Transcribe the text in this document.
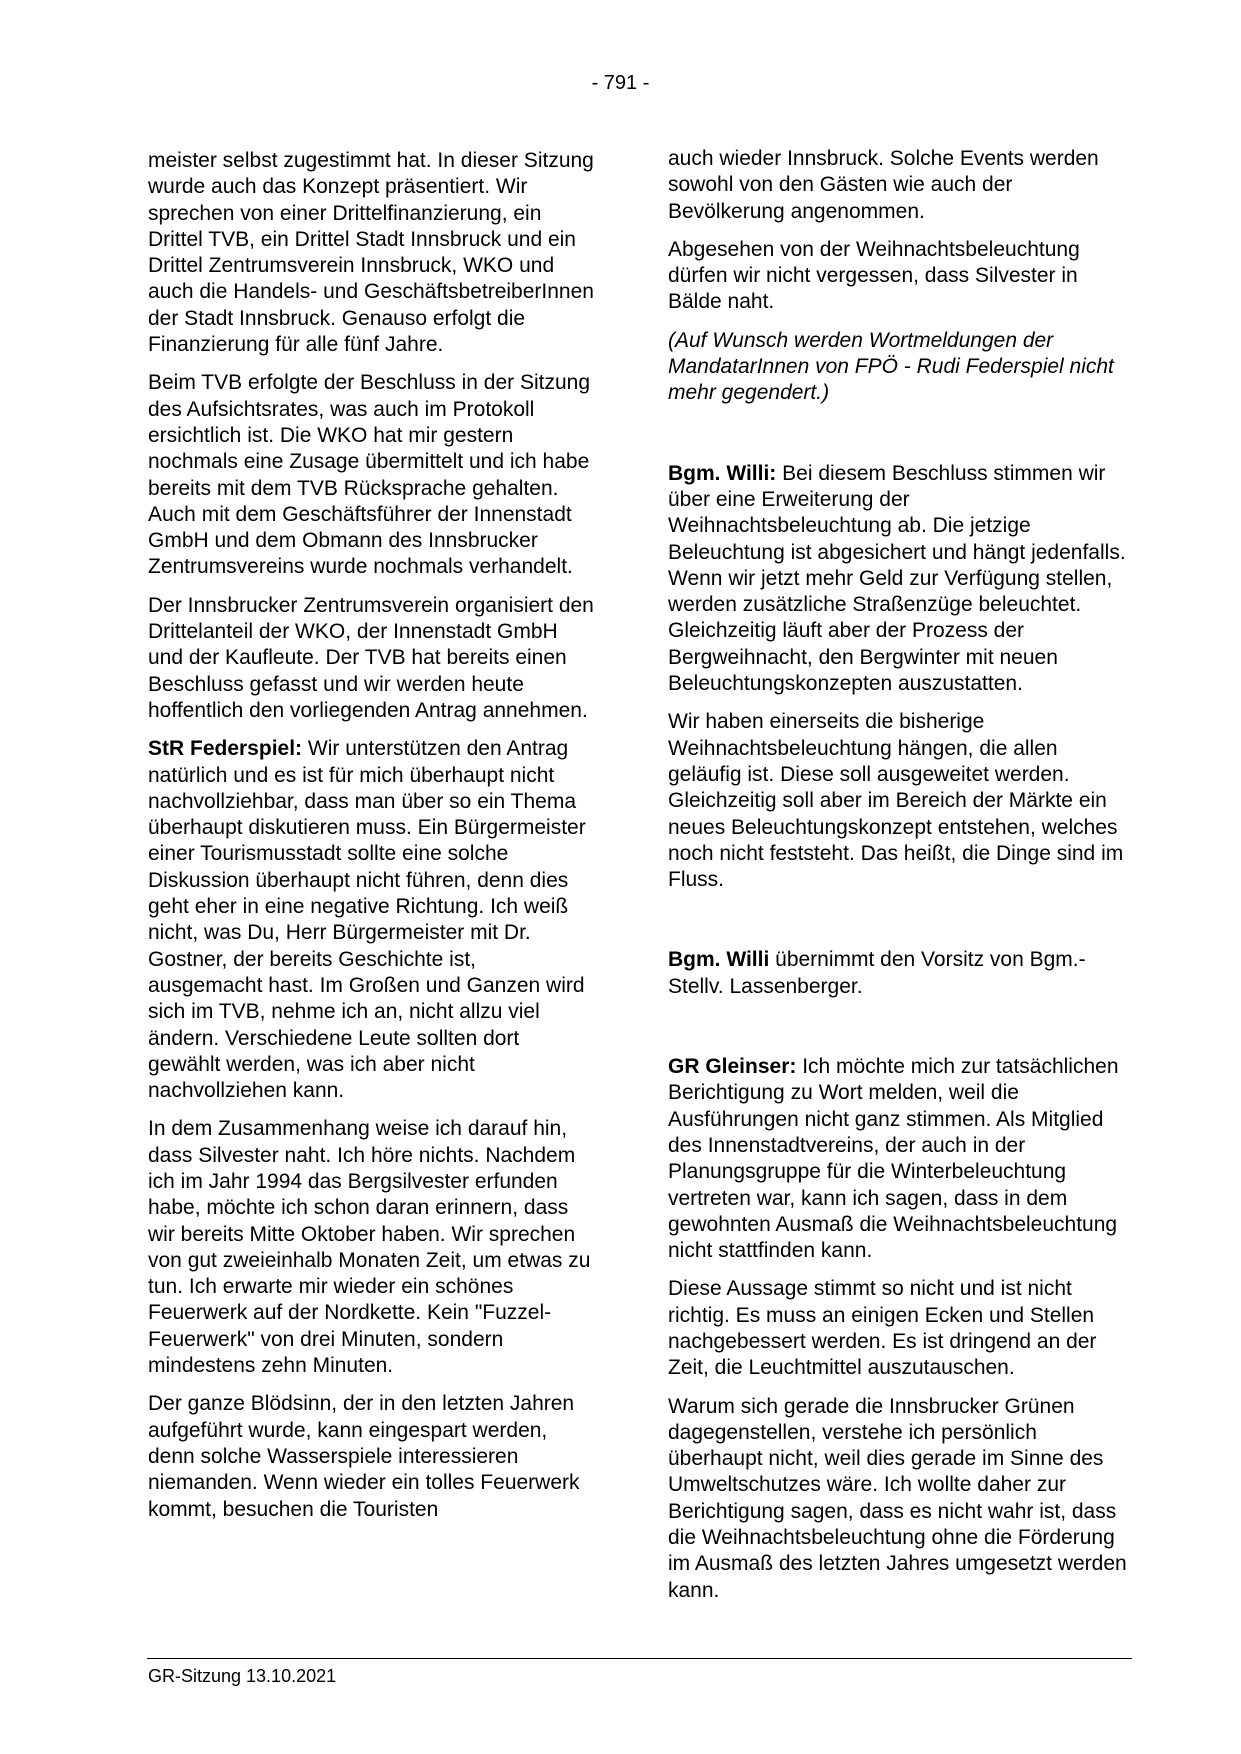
- 791 -

meister selbst zugestimmt hat. In dieser Sitzung wurde auch das Konzept präsentiert. Wir sprechen von einer Drittelfinanzierung, ein Drittel TVB, ein Drittel Stadt Innsbruck und ein Drittel Zentrumsverein Innsbruck, WKO und auch die Handels- und GeschäftsbetreiberInnen der Stadt Innsbruck. Genauso erfolgt die Finanzierung für alle fünf Jahre.

Beim TVB erfolgte der Beschluss in der Sitzung des Aufsichtsrates, was auch im Protokoll ersichtlich ist. Die WKO hat mir gestern nochmals eine Zusage übermittelt und ich habe bereits mit dem TVB Rücksprache gehalten. Auch mit dem Geschäftsführer der Innenstadt GmbH und dem Obmann des Innsbrucker Zentrumsvereins wurde nochmals verhandelt.

Der Innsbrucker Zentrumsverein organisiert den Drittelanteil der WKO, der Innenstadt GmbH und der Kaufleute. Der TVB hat bereits einen Beschluss gefasst und wir werden heute hoffentlich den vorliegenden Antrag annehmen.

StR Federspiel: Wir unterstützen den Antrag natürlich und es ist für mich überhaupt nicht nachvollziehbar, dass man über so ein Thema überhaupt diskutieren muss. Ein Bürgermeister einer Tourismusstadt sollte eine solche Diskussion überhaupt nicht führen, denn dies geht eher in eine negative Richtung. Ich weiß nicht, was Du, Herr Bürgermeister mit Dr. Gostner, der bereits Geschichte ist, ausgemacht hast. Im Großen und Ganzen wird sich im TVB, nehme ich an, nicht allzu viel ändern. Verschiedene Leute sollten dort gewählt werden, was ich aber nicht nachvollziehen kann.

In dem Zusammenhang weise ich darauf hin, dass Silvester naht. Ich höre nichts. Nachdem ich im Jahr 1994 das Bergsilvester erfunden habe, möchte ich schon daran erinnern, dass wir bereits Mitte Oktober haben. Wir sprechen von gut zweieinhalb Monaten Zeit, um etwas zu tun. Ich erwarte mir wieder ein schönes Feuerwerk auf der Nordkette. Kein "Fuzzel-Feuerwerk" von drei Minuten, sondern mindestens zehn Minuten.

Der ganze Blödsinn, der in den letzten Jahren aufgeführt wurde, kann eingespart werden, denn solche Wasserspiele interessieren niemanden. Wenn wieder ein tolles Feuerwerk kommt, besuchen die Touristen

auch wieder Innsbruck. Solche Events werden sowohl von den Gästen wie auch der Bevölkerung angenommen.

Abgesehen von der Weihnachtsbeleuchtung dürfen wir nicht vergessen, dass Silvester in Bälde naht.

(Auf Wunsch werden Wortmeldungen der MandatarInnen von FPÖ - Rudi Federspiel nicht mehr gegendert.)

Bgm. Willi: Bei diesem Beschluss stimmen wir über eine Erweiterung der Weihnachtsbeleuchtung ab. Die jetzige Beleuchtung ist abgesichert und hängt jedenfalls. Wenn wir jetzt mehr Geld zur Verfügung stellen, werden zusätzliche Straßenzüge beleuchtet. Gleichzeitig läuft aber der Prozess der Bergweihnacht, den Bergwinter mit neuen Beleuchtungskonzepten auszustatten.

Wir haben einerseits die bisherige Weihnachtsbeleuchtung hängen, die allen geläufig ist. Diese soll ausgeweitet werden. Gleichzeitig soll aber im Bereich der Märkte ein neues Beleuchtungskonzept entstehen, welches noch nicht feststeht. Das heißt, die Dinge sind im Fluss.

Bgm. Willi übernimmt den Vorsitz von Bgm.-Stellv. Lassenberger.

GR Gleinser: Ich möchte mich zur tatsächlichen Berichtigung zu Wort melden, weil die Ausführungen nicht ganz stimmen. Als Mitglied des Innenstadtvereins, der auch in der Planungsgruppe für die Winterbeleuchtung vertreten war, kann ich sagen, dass in dem gewohnten Ausmaß die Weihnachtsbeleuchtung nicht stattfinden kann.

Diese Aussage stimmt so nicht und ist nicht richtig. Es muss an einigen Ecken und Stellen nachgebessert werden. Es ist dringend an der Zeit, die Leuchtmittel auszutauschen.

Warum sich gerade die Innsbrucker Grünen dagegenstellen, verstehe ich persönlich überhaupt nicht, weil dies gerade im Sinne des Umweltschutzes wäre. Ich wollte daher zur Berichtigung sagen, dass es nicht wahr ist, dass die Weihnachtsbeleuchtung ohne die Förderung im Ausmaß des letzten Jahres umgesetzt werden kann.

GR-Sitzung 13.10.2021
